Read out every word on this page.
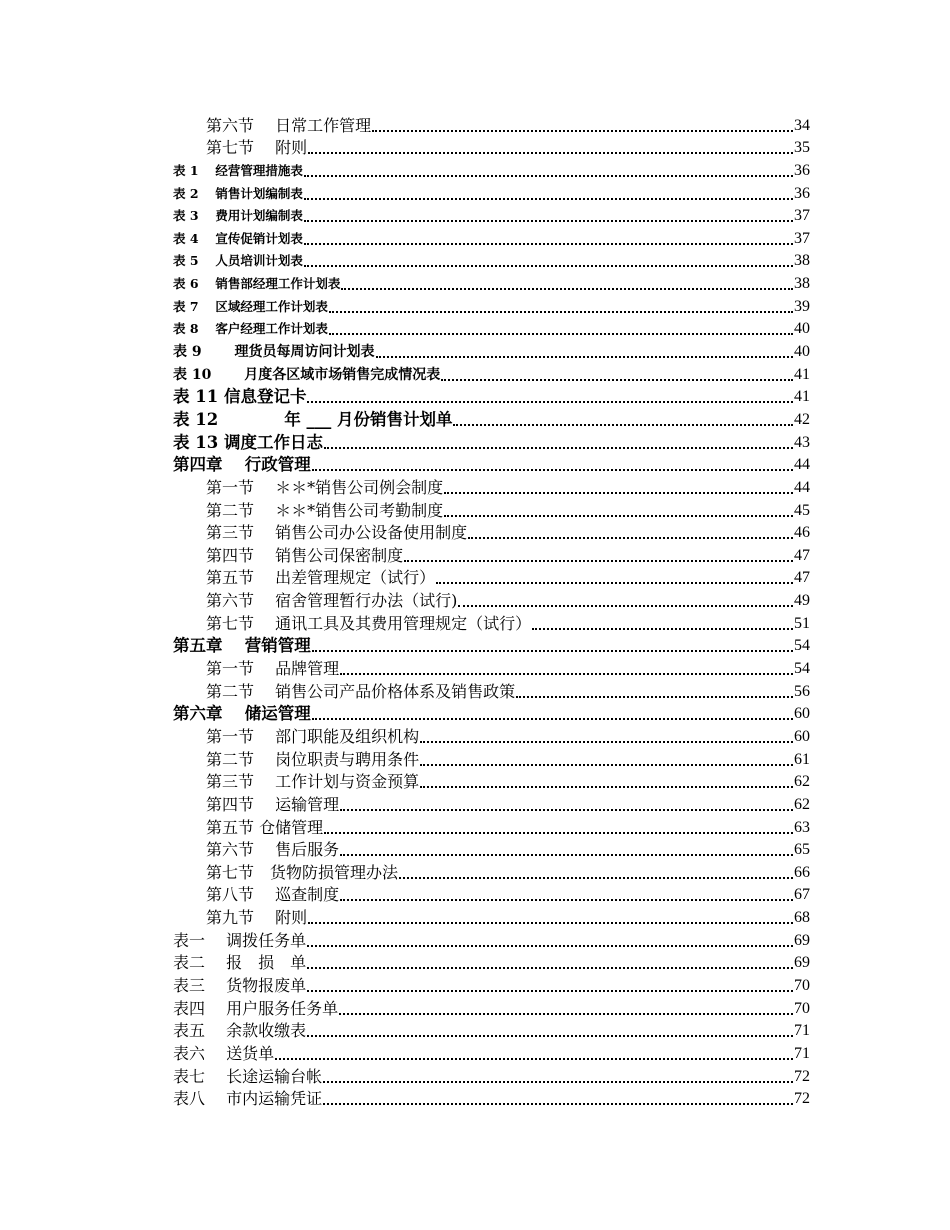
第六节　 日常工作管理	34
第七节　 附则	35
表 1　 经营管理措施表	36
表 2　 销售计划编制表	36
表 3　 费用计划编制表	37
表 4　 宣传促销计划表	37
表 5　 人员培训计划表	38
表 6　 销售部经理工作计划表	38
表 7　 区域经理工作计划表	39
表 8　 客户经理工作计划表	40
表 9　　 理货员每周访问计划表	40
表 10　　 月度各区域市场销售完成情况表	41
表 11 信息登记卡	41
表 12　　　　年 ___ 月份销售计划单	42
表 13 调度工作日志	43
第四章　 行政管理	44
第一节　 ＊＊*销售公司例会制度	44
第二节　 ＊＊*销售公司考勤制度	45
第三节　 销售公司办公设备使用制度	46
第四节　 销售公司保密制度	47
第五节　 出差管理规定（试行）	47
第六节　 宿舍管理暂行办法（试行)	49
第七节　 通讯工具及其费用管理规定（试行）	51
第五章　 营销管理	54
第一节　 品牌管理	54
第二节　 销售公司产品价格体系及销售政策	56
第六章　 储运管理	60
第一节　 部门职能及组织机构	60
第二节　 岗位职责与聘用条件	61
第三节　 工作计划与资金预算	62
第四节　 运输管理	62
第五节 仓储管理	63
第六节　 售后服务	65
第七节　货物防损管理办法	66
第八节　 巡查制度	67
第九节　 附则	68
表一　 调拨任务单	69
表二　 报　损　单	69
表三　 货物报废单	70
表四　 用户服务任务单	70
表五　 余款收缴表	71
表六　 送货单	71
表七　 长途运输台帐	72
表八　 市内运输凭证	72
